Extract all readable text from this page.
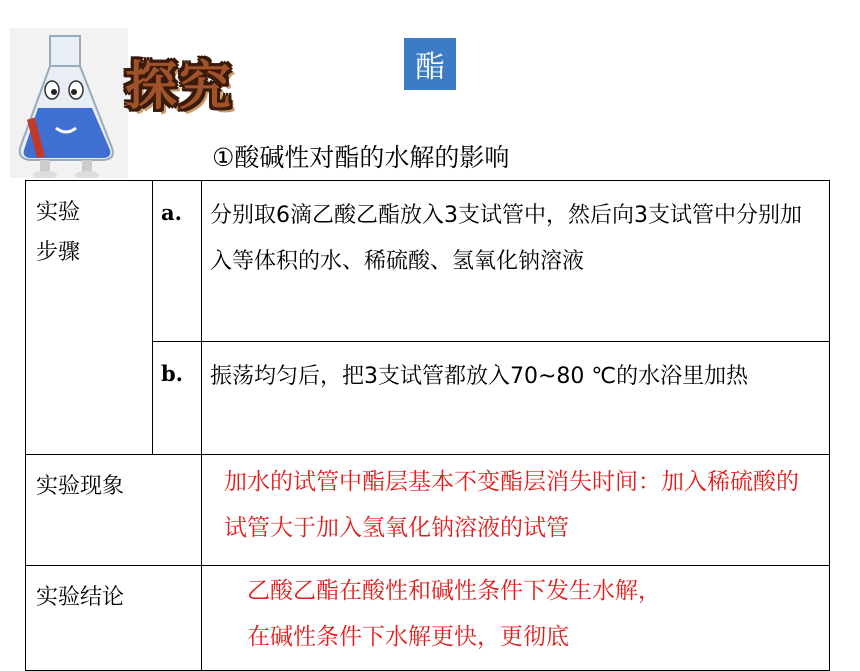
探究	酯
①酸碱性对酯的水解的影响
实验
步骤	a.	分别取6滴乙酸乙酯放入3支试管中，然后向3支试管中分别加入等体积的水、稀硫酸、氢氧化钠溶液
	b.	振荡均匀后，把3支试管都放入70~80 ℃的水浴里加热
实验现象		加水的试管中酯层基本不变酯层消失时间：加入稀硫酸的试管大于加入氢氧化钠溶液的试管
实验结论		乙酸乙酯在酸性和碱性条件下发生水解，
在碱性条件下水解更快，更彻底
